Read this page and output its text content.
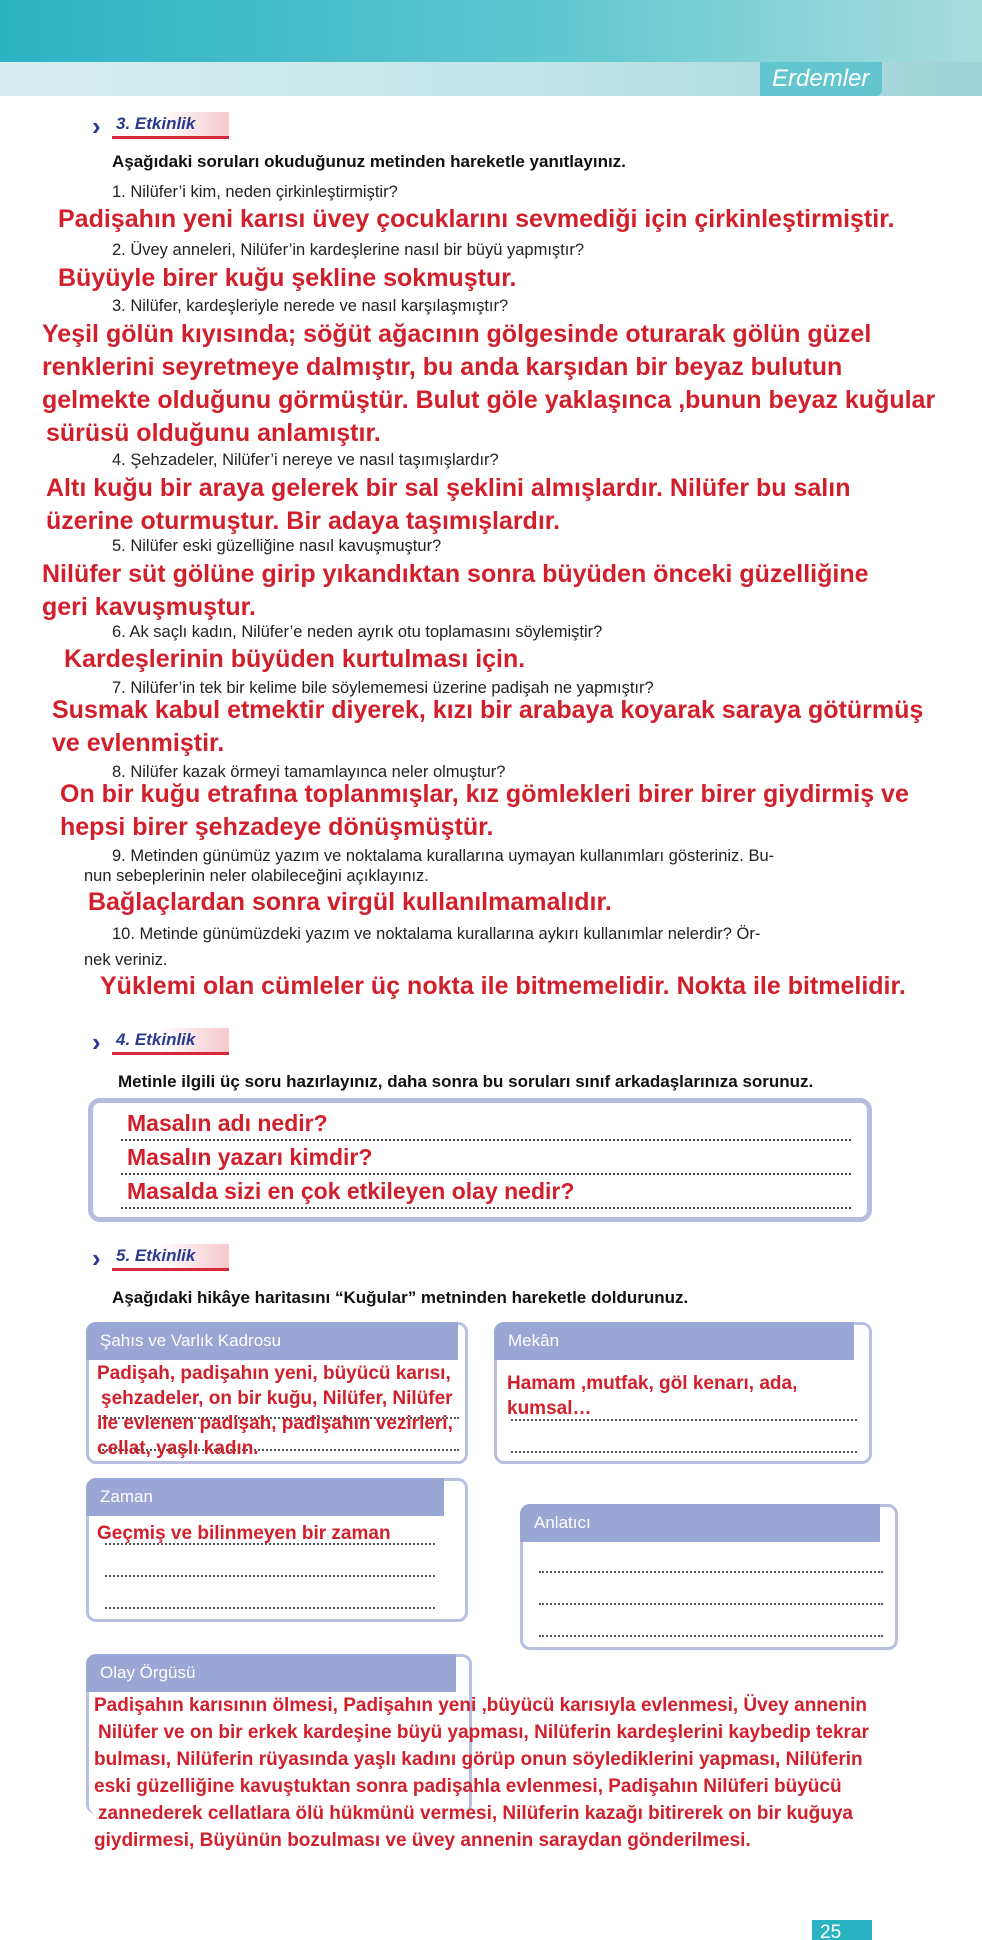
Erdemler
› 3. Etkinlik
Aşağıdaki soruları okuduğunuz metinden hareketle yanıtlayınız.
1. Nilüfer’i kim, neden çirkinleştirmiştir?
Padişahın yeni karısı üvey çocuklarını sevmediği için çirkinleştirmiştir.
2. Üvey anneleri, Nilüfer’in kardeşlerine nasıl bir büyü yapmıştır?
Büyüyle birer kuğu şekline sokmuştur.
3. Nilüfer, kardeşleriyle nerede ve nasıl karşılaşmıştır?
Yeşil gölün kıyısında; söğüt ağacının gölgesinde oturarak gölün güzel
renklerini seyretmeye dalmıştır, bu anda karşıdan bir beyaz bulutun
gelmekte olduğunu görmüştür. Bulut göle yaklaşınca ,bunun beyaz kuğular
sürüsü olduğunu anlamıştır.
4. Şehzadeler, Nilüfer’i nereye ve nasıl taşımışlardır?
Altı kuğu bir araya gelerek bir sal şeklini almışlardır. Nilüfer bu salın
üzerine oturmuştur. Bir adaya taşımışlardır.
5. Nilüfer eski güzelliğine nasıl kavuşmuştur?
Nilüfer süt gölüne girip yıkandıktan sonra büyüden önceki güzelliğine
geri kavuşmuştur.
6. Ak saçlı kadın, Nilüfer’e neden ayrık otu toplamasını söylemiştir?
Kardeşlerinin büyüden kurtulması için.
7. Nilüfer’in tek bir kelime bile söylememesi üzerine padişah ne yapmıştır?
Susmak kabul etmektir diyerek, kızı bir arabaya koyarak saraya götürmüş
ve evlenmiştir.
8. Nilüfer kazak örmeyi tamamlayınca neler olmuştur?
On bir kuğu etrafına toplanmışlar, kız gömlekleri birer birer giydirmiş ve
hepsi birer şehzadeye dönüşmüştür.
9. Metinden günümüz yazım ve noktalama kurallarına uymayan kullanımları gösteriniz. Bu-
nun sebeplerinin neler olabileceğini açıklayınız.
Bağlaçlardan sonra virgül kullanılmamalıdır.
10. Metinde günümüzdeki yazım ve noktalama kurallarına aykırı kullanımlar nelerdir? Ör-
nek veriniz.
Yüklemi olan cümleler üç nokta ile bitmemelidir. Nokta ile bitmelidir.
› 4. Etkinlik
Metinle ilgili üç soru hazırlayınız, daha sonra bu soruları sınıf arkadaşlarınıza sorunuz.
Masalın adı nedir?
Masalın yazarı kimdir?
Masalda sizi en çok etkileyen olay nedir?
› 5. Etkinlik
Aşağıdaki hikâye haritasını “Kuğular” metninden hareketle doldurunuz.
Şahıs ve Varlık Kadrosu
Padişah, padişahın yeni, büyücü karısı,
şehzadeler, on bir kuğu, Nilüfer, Nilüfer
ile evlenen padişah, padişahın vezirleri,
cellat, yaşlı kadın.
Mekân
Hamam ,mutfak, göl kenarı, ada, kumsal…
Zaman
Geçmiş ve bilinmeyen bir zaman
Anlatıcı
Olay Örgüsü
Padişahın karısının ölmesi, Padişahın yeni ,büyücü karısıyla evlenmesi, Üvey annenin
Nilüfer ve on bir erkek kardeşine büyü yapması, Nilüferin kardeşlerini kaybedip tekrar
bulması, Nilüferin rüyasında yaşlı kadını görüp onun söylediklerini yapması, Nilüferin
eski güzelliğine kavuştuktan sonra padişahla evlenmesi, Padişahın Nilüferi büyücü
zannederek cellatlara ölü hükmünü vermesi, Nilüferin kazağı bitirerek on bir kuğuya
giydirmesi, Büyünün bozulması ve üvey annenin saraydan gönderilmesi.
25
